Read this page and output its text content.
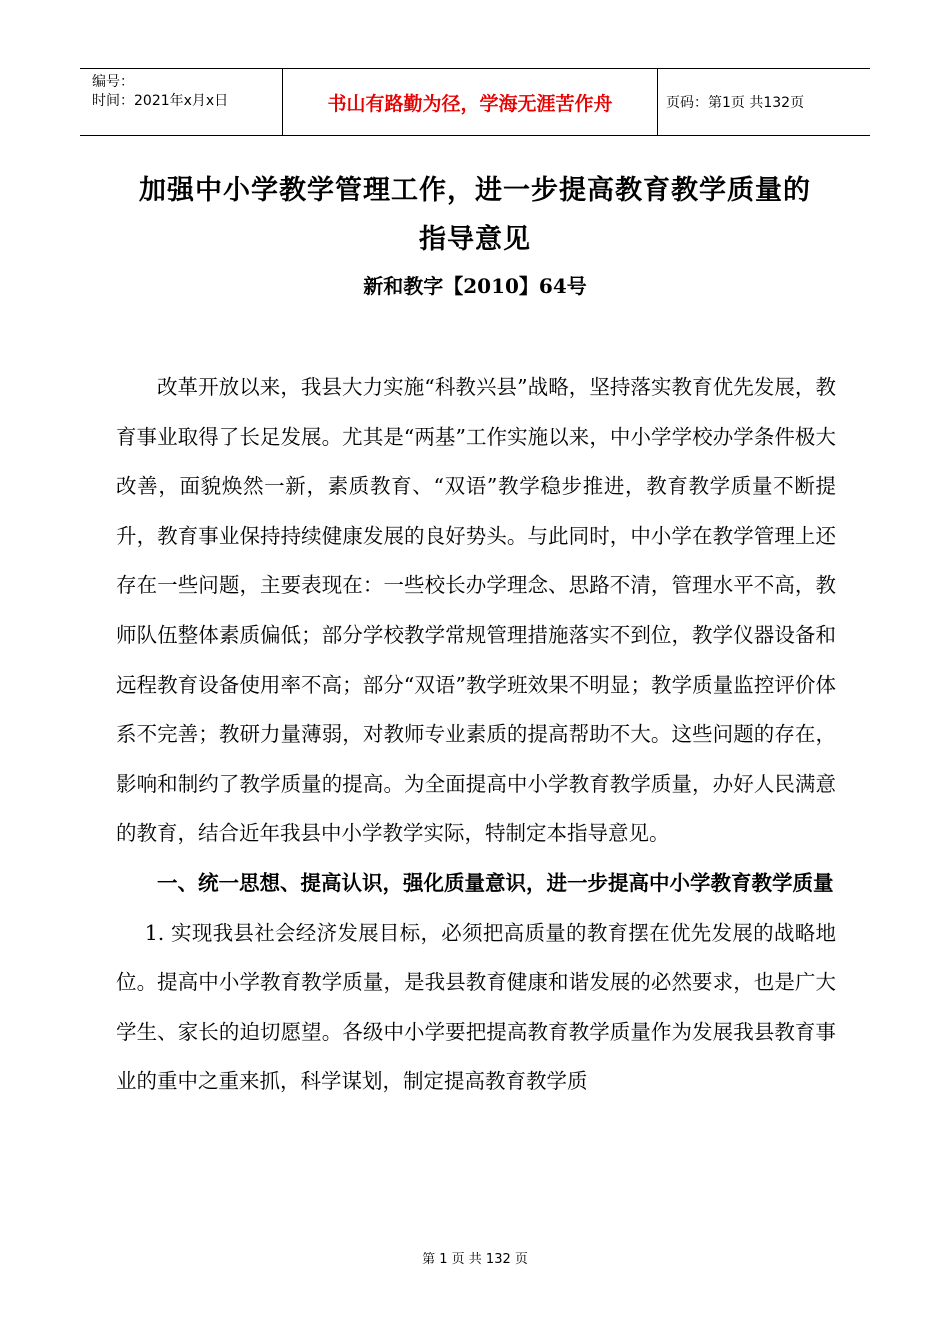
编号：
时间：2021年x月x日	书山有路勤为径，学海无涯苦作舟	页码：第1页 共132页
加强中小学教学管理工作，进一步提高教育教学质量的
指导意见
新和教字【2010】64号

改革开放以来，我县大力实施“科教兴县”战略，坚持落实教育优先发展，教育事业取得了长足发展。尤其是“两基”工作实施以来，中小学学校办学条件极大改善，面貌焕然一新，素质教育、“双语”教学稳步推进，教育教学质量不断提升，教育事业保持持续健康发展的良好势头。与此同时，中小学在教学管理上还存在一些问题，主要表现在：一些校长办学理念、思路不清，管理水平不高，教师队伍整体素质偏低；部分学校教学常规管理措施落实不到位，教学仪器设备和远程教育设备使用率不高；部分“双语”教学班效果不明显；教学质量监控评价体系不完善；教研力量薄弱，对教师专业素质的提高帮助不大。这些问题的存在，影响和制约了教学质量的提高。为全面提高中小学教育教学质量，办好人民满意的教育，结合近年我县中小学教学实际，特制定本指导意见。

一、统一思想、提高认识，强化质量意识，进一步提高中小学教育教学质量

1. 实现我县社会经济发展目标，必须把高质量的教育摆在优先发展的战略地位。提高中小学教育教学质量，是我县教育健康和谐发展的必然要求，也是广大学生、家长的迫切愿望。各级中小学要把提高教育教学质量作为发展我县教育事业的重中之重来抓，科学谋划，制定提高教育教学质

第 1 页 共 132 页
